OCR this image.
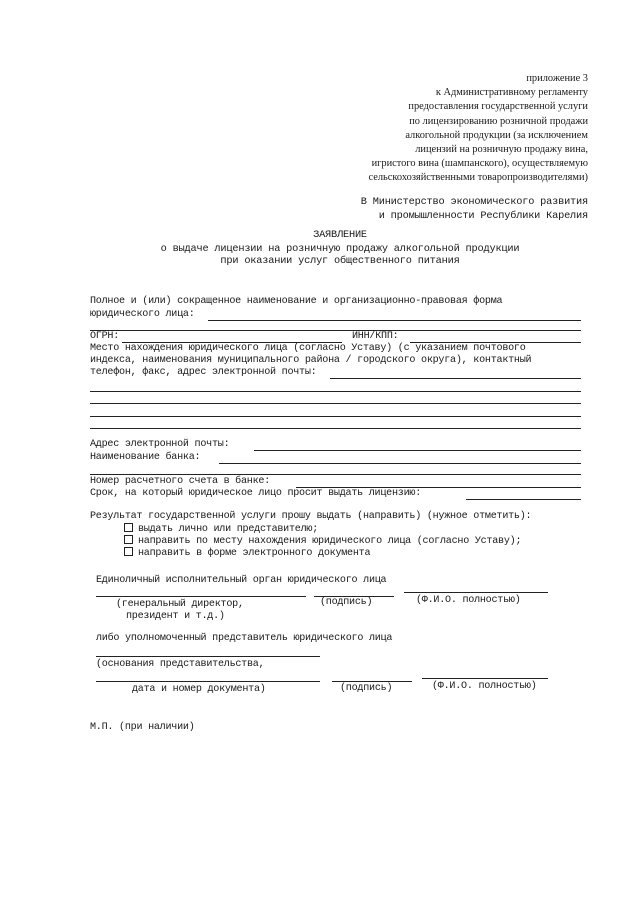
приложение 3
к Административному регламенту
предоставления государственной услуги
по лицензированию розничной продажи
алкогольной продукции (за исключением
лицензий на розничную продажу вина,
игристого вина (шампанского), осуществляемую
сельскохозяйственными товаропроизводителями)
В Министерство экономического развития
и промышленности Республики Карелия
ЗАЯВЛЕНИЕ
о выдаче лицензии на розничную продажу алкогольной продукции
при оказании услуг общественного питания
Полное и (или) сокращенное наименование и организационно-правовая форма
юридического лица:
ОГРН:	ИНН/КПП:
Место нахождения юридического лица (согласно Уставу) (с указанием почтового
индекса, наименования муниципального района / городского округа), контактный
телефон, факс, адрес электронной почты:
Адрес электронной почты:
Наименование банка:
Номер расчетного счета в банке:
Срок, на который юридическое лицо просит выдать лицензию:
Результат государственной услуги прошу выдать (направить) (нужное отметить):
выдать лично или представителю;
направить по месту нахождения юридического лица (согласно Уставу);
направить в форме электронного документа
Единоличный исполнительный орган юридического лица
(генеральный директор,
президент и т.д.)
(подпись)	(Ф.И.О. полностью)
либо уполномоченный представитель юридического лица
(основания представительства,
дата и номер документа)	(подпись)	(Ф.И.О. полностью)
М.П. (при наличии)
